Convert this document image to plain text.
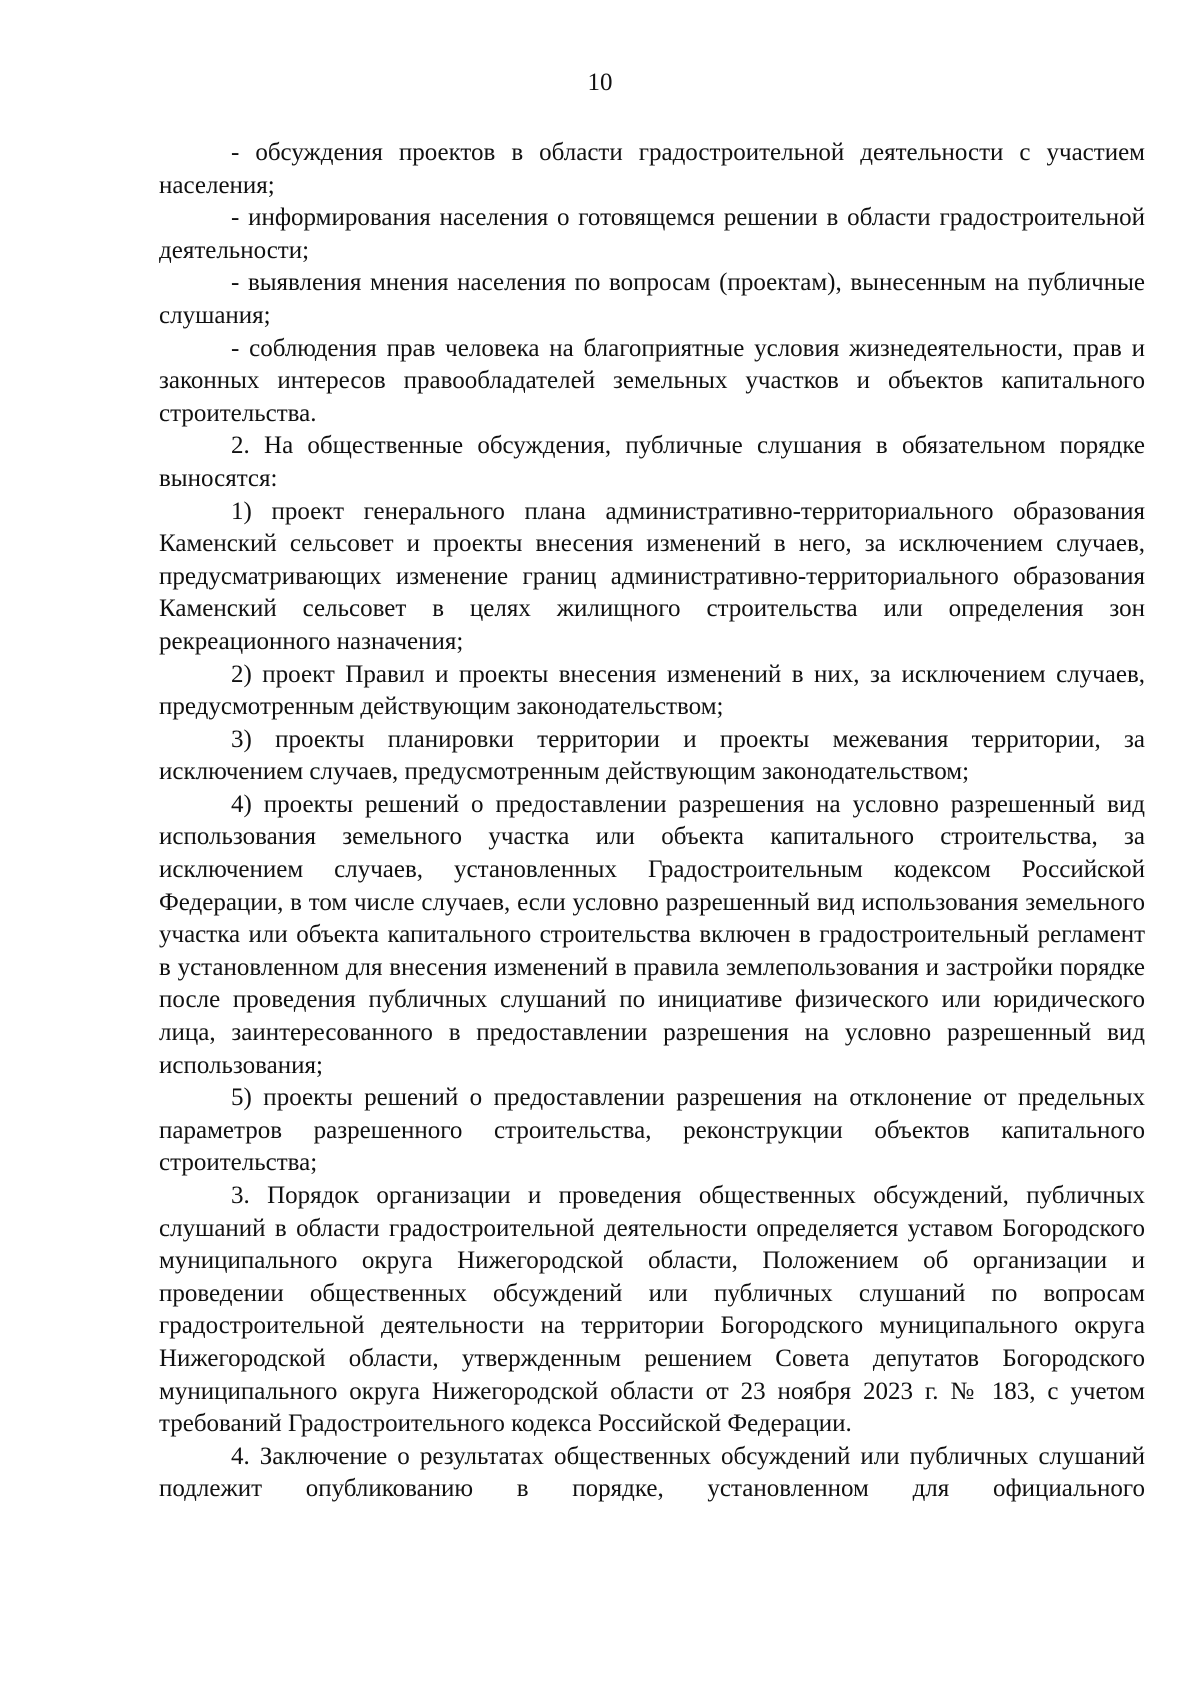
10

- обсуждения проектов в области градостроительной деятельности с участием населения;

- информирования населения о готовящемся решении в области градостроительной деятельности;

- выявления мнения населения по вопросам (проектам), вынесенным на публичные слушания;

- соблюдения прав человека на благоприятные условия жизнедеятельности, прав и законных интересов правообладателей земельных участков и объектов капитального строительства.

2. На общественные обсуждения, публичные слушания в обязательном порядке выносятся:

1) проект генерального плана административно-территориального образования Каменский сельсовет и проекты внесения изменений в него, за исключением случаев, предусматривающих изменение границ административно-территориального образования Каменский сельсовет в целях жилищного строительства или определения зон рекреационного назначения;

2) проект Правил и проекты внесения изменений в них, за исключением случаев, предусмотренным действующим законодательством;

3) проекты планировки территории и проекты межевания территории, за исключением случаев, предусмотренным действующим законодательством;

4) проекты решений о предоставлении разрешения на условно разрешенный вид использования земельного участка или объекта капитального строительства, за исключением случаев, установленных Градостроительным кодексом Российской Федерации, в том числе случаев, если условно разрешенный вид использования земельного участка или объекта капитального строительства включен в градостроительный регламент в установленном для внесения изменений в правила землепользования и застройки порядке после проведения публичных слушаний по инициативе физического или юридического лица, заинтересованного в предоставлении разрешения на условно разрешенный вид использования;

5) проекты решений о предоставлении разрешения на отклонение от предельных параметров разрешенного строительства, реконструкции объектов капитального строительства;

3. Порядок организации и проведения общественных обсуждений, публичных слушаний в области градостроительной деятельности определяется уставом Богородского муниципального округа Нижегородской области, Положением об организации и проведении общественных обсуждений или публичных слушаний по вопросам градостроительной деятельности на территории Богородского муниципального округа Нижегородской области, утвержденным решением Совета депутатов Богородского муниципального округа Нижегородской области от 23 ноября 2023 г. № 183, с учетом требований Градостроительного кодекса Российской Федерации.

4. Заключение о результатах общественных обсуждений или публичных слушаний подлежит опубликованию в порядке, установленном для официального
